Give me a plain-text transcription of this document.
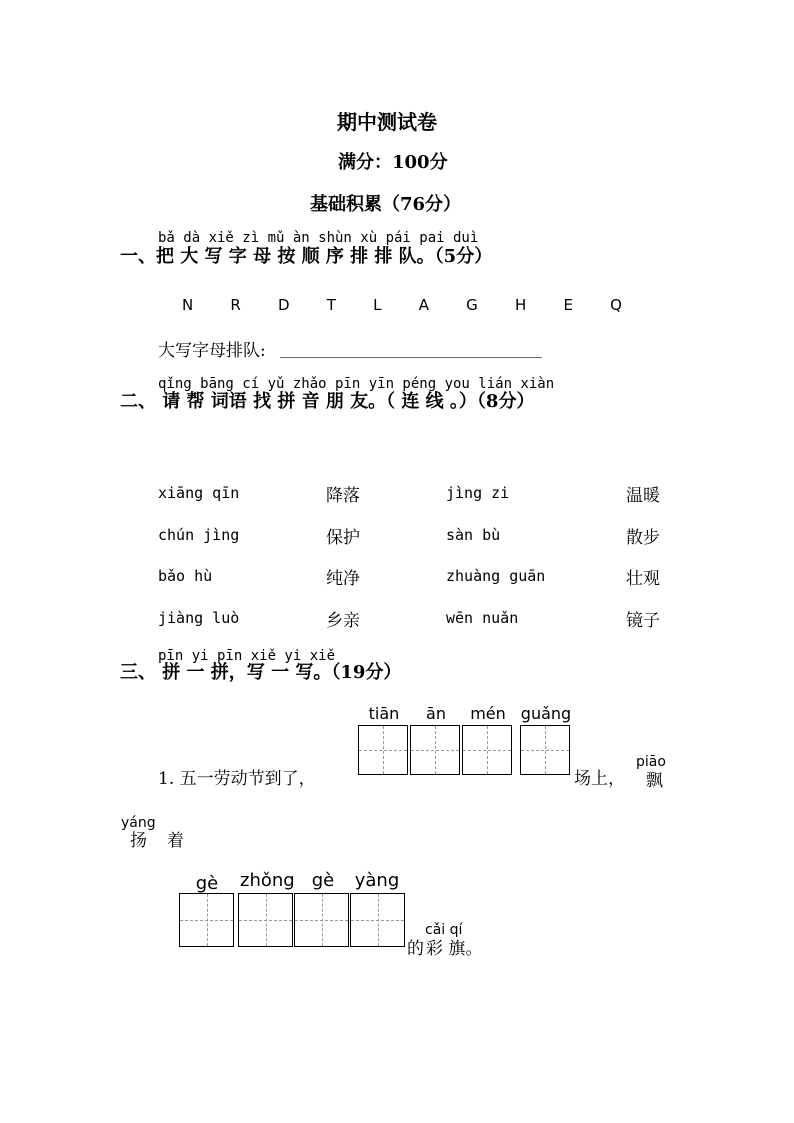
期中测试卷
满分：100分
基础积累（76分）
bǎ dà xiě zì mǔ àn shùn xù pái pai duì
一、把 大 写 字 母 按 顺 序 排 排 队。（5分）
N R D T L A G H E Q
大写字母排队: _____________________________
qǐng bāng cí yǔ zhǎo pīn yīn péng you lián xiàn
二、 请 帮 词语 找 拼 音 朋 友。（ 连 线 。）（8分）
xiāng qīn	降落	jìng zi	温暖
chún jìng	保护	sàn bù	散步
bǎo hù	纯净	zhuàng guān	壮观
jiàng luò	乡亲	wēn nuǎn	镜子
pīn yi pīn xiě yi xiě
三、 拼 一 拼，写 一 写。（19分）
tiān	ān	mén guǎng
1. 五一劳动节到了，	场上，
piāo
飘
yáng
扬 着
gè	zhǒng gè	yàng
的
cǎi qí
彩 旗。
